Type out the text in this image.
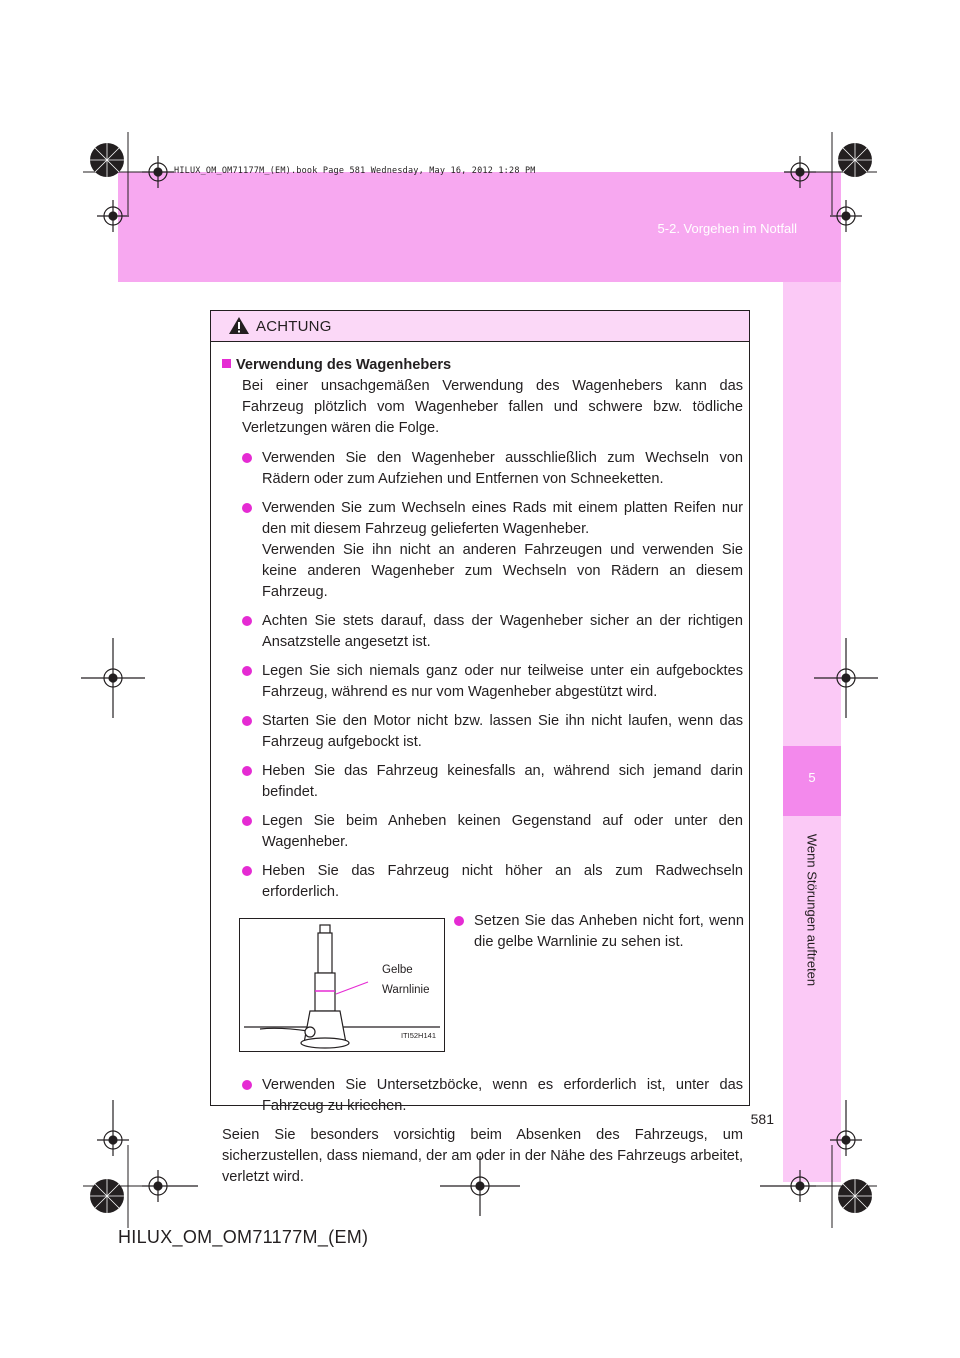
5
Wenn Störungen auftreten
HILUX_OM_OM71177M_(EM).book Page 581 Wednesday, May 16, 2012 1:28 PM
5-2. Vorgehen im Notfall
ACHTUNG
Verwendung des Wagenhebers

Bei einer unsachgemäßen Verwendung des Wagenhebers kann das Fahrzeug plötzlich vom Wagenheber fallen und schwere bzw. tödliche Verletzungen wären die Folge.

Verwenden Sie den Wagenheber ausschließlich zum Wechseln von Rädern oder zum Aufziehen und Entfernen von Schneeketten.
Verwenden Sie zum Wechseln eines Rads mit einem platten Reifen nur den mit diesem Fahrzeug gelieferten Wagenheber.
Verwenden Sie ihn nicht an anderen Fahrzeugen und verwenden Sie keine anderen Wagenheber zum Wechseln von Rädern an diesem Fahrzeug.
Achten Sie stets darauf, dass der Wagenheber sicher an der richtigen Ansatzstelle angesetzt ist.
Legen Sie sich niemals ganz oder nur teilweise unter ein aufgebocktes Fahrzeug, während es nur vom Wagenheber abgestützt wird.
Starten Sie den Motor nicht bzw. lassen Sie ihn nicht laufen, wenn das Fahrzeug aufgebockt ist.
Heben Sie das Fahrzeug keinesfalls an, während sich jemand darin befindet.
Legen Sie beim Anheben keinen Gegenstand auf oder unter den Wagenheber.
Heben Sie das Fahrzeug nicht höher an als zum Radwechseln erforderlich.
Gelbe
Warnlinie
ITI52H141
Setzen Sie das Anheben nicht fort, wenn die gelbe Warnlinie zu sehen ist.
Verwenden Sie Untersetzböcke, wenn es erforderlich ist, unter das Fahrzeug zu kriechen.

Seien Sie besonders vorsichtig beim Absenken des Fahrzeugs, um sicherzustellen, dass niemand, der am oder in der Nähe des Fahrzeugs arbeitet, verletzt wird.

581
HILUX_OM_OM71177M_(EM)
